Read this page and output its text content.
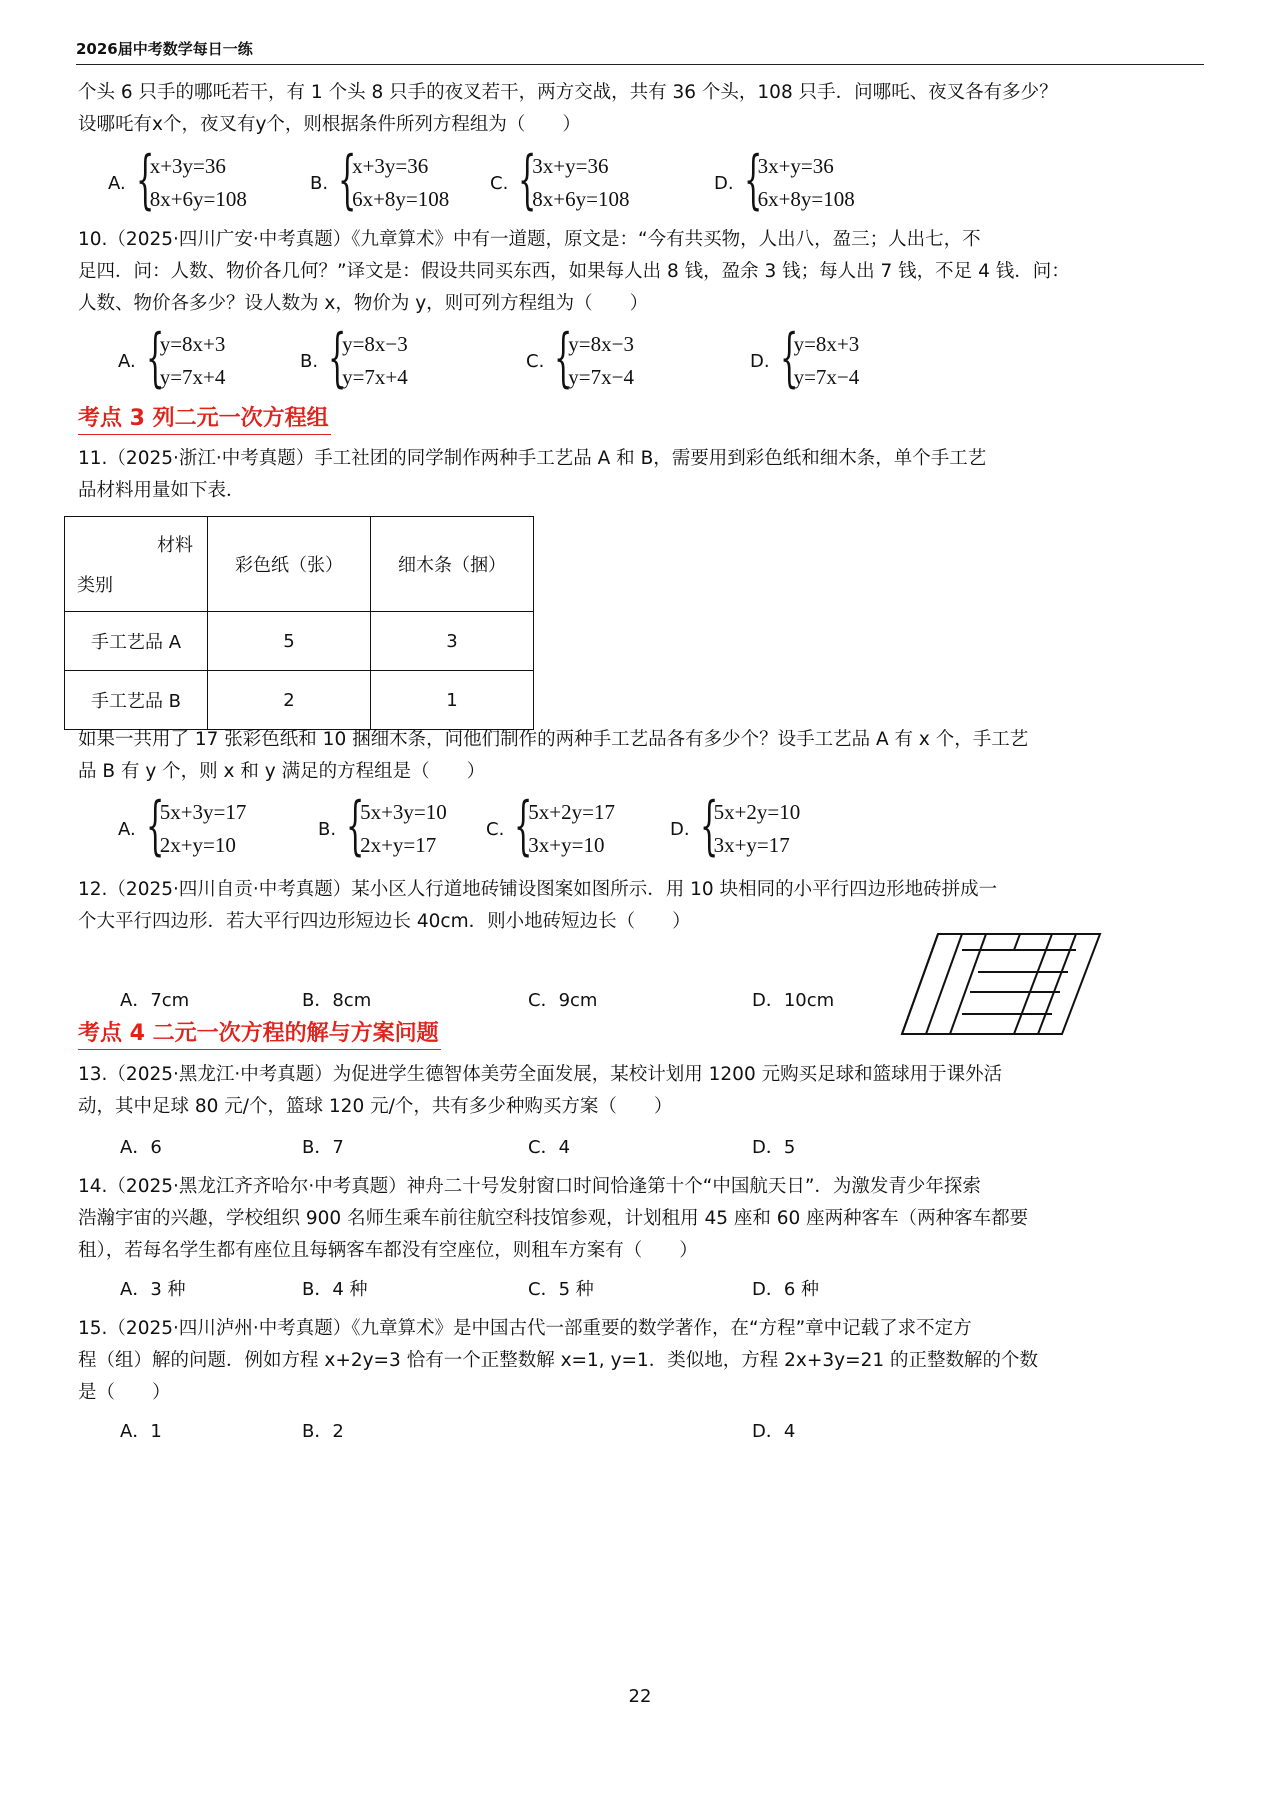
2026届中考数学每日一练
个头 6 只手的哪吒若干，有 1 个头 8 只手的夜叉若干，两方交战，共有 36 个头，108 只手．问哪吒、夜叉各有多少？
设哪吒有x个，夜叉有y个，则根据条件所列方程组为（　　）
A. {
x+3y=36
8x+6y=108
B. {
x+3y=36
6x+8y=108
C. {
3x+y=36
8x+6y=108
D. {
3x+y=36
6x+8y=108
10.（2025·四川广安·中考真题）《九章算术》中有一道题，原文是：“今有共买物，人出八，盈三；人出七，不
足四．问：人数、物价各几何？”译文是：假设共同买东西，如果每人出 8 钱，盈余 3 钱；每人出 7 钱，不足 4 钱．问：
人数、物价各多少？设人数为 x，物价为 y，则可列方程组为（　　）
A. {
y=8x+3
y=7x+4
B. {
y=8x−3
y=7x+4
C. {
y=8x−3
y=7x−4
D. {
y=8x+3
y=7x−4
考点 3 列二元一次方程组
11.（2025·浙江·中考真题）手工社团的同学制作两种手工艺品 A 和 B，需要用到彩色纸和细木条，单个手工艺
品材料用量如下表．
材料
类别	彩色纸（张）	细木条（捆）
手工艺品 A	5	3
手工艺品 B	2	1
如果一共用了 17 张彩色纸和 10 捆细木条，问他们制作的两种手工艺品各有多少个？设手工艺品 A 有 x 个，手工艺
品 B 有 y 个，则 x 和 y 满足的方程组是（　　）
A. {
5x+3y=17
2x+y=10
B. {
5x+3y=10
2x+y=17
C. {
5x+2y=17
3x+y=10
D. {
5x+2y=10
3x+y=17
12.（2025·四川自贡·中考真题）某小区人行道地砖铺设图案如图所示．用 10 块相同的小平行四边形地砖拼成一
个大平行四边形．若大平行四边形短边长 40cm．则小地砖短边长（　　）
A．7cm	B．8cm	C．9cm	D．10cm
考点 4 二元一次方程的解与方案问题
13.（2025·黑龙江·中考真题）为促进学生德智体美劳全面发展，某校计划用 1200 元购买足球和篮球用于课外活
动，其中足球 80 元/个，篮球 120 元/个，共有多少种购买方案（　　）
A．6	B．7	C．4	D．5
14.（2025·黑龙江齐齐哈尔·中考真题）神舟二十号发射窗口时间恰逢第十个“中国航天日”．为激发青少年探索
浩瀚宇宙的兴趣，学校组织 900 名师生乘车前往航空科技馆参观，计划租用 45 座和 60 座两种客车（两种客车都要
租），若每名学生都有座位且每辆客车都没有空座位，则租车方案有（　　）
A．3 种	B．4 种	C．5 种	D．6 种
15.（2025·四川泸州·中考真题）《九章算术》是中国古代一部重要的数学著作，在“方程”章中记载了求不定方
程（组）解的问题．例如方程 x+2y=3 恰有一个正整数解 x=1, y=1．类似地，方程 2x+3y=21 的正整数解的个数
是（　　）
A．1	B．2	D．4
22
